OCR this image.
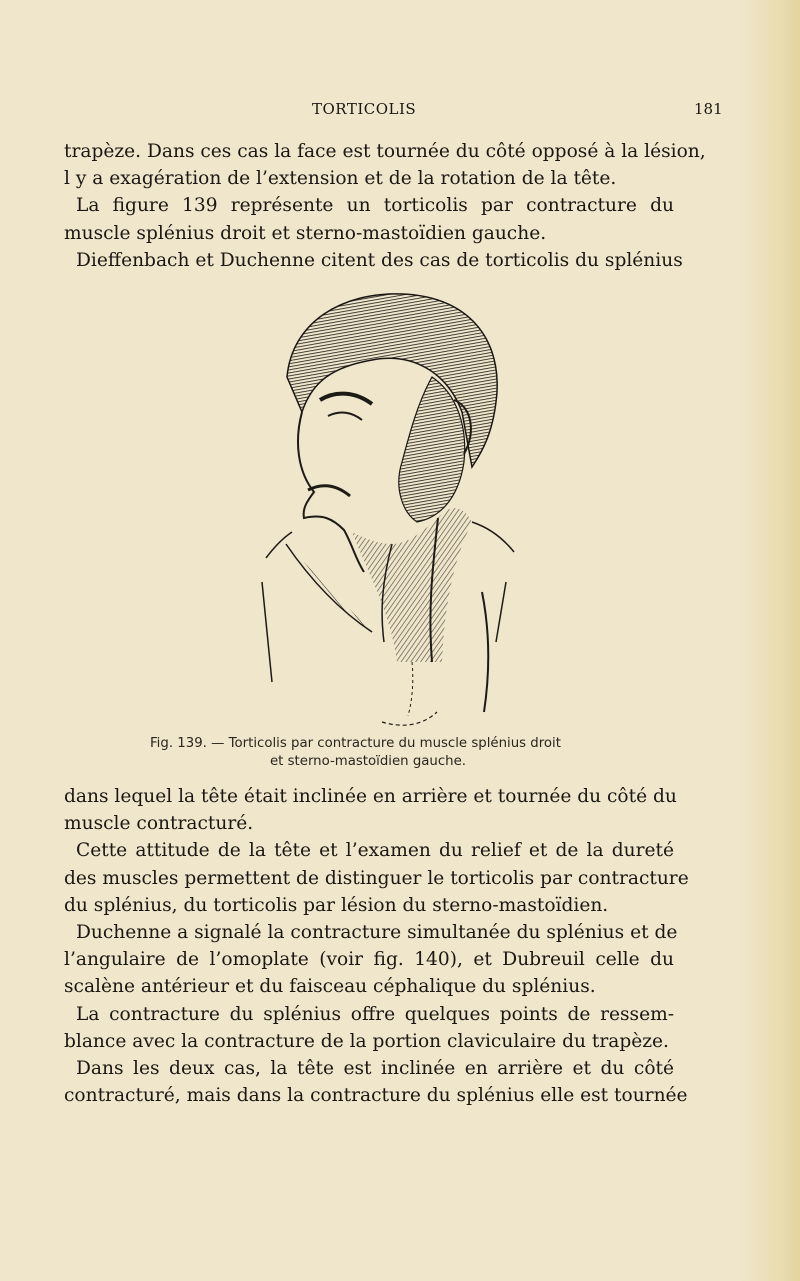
TORTICOLIS	181
trapèze. Dans ces cas la face est tournée du côté opposé à la lésion,
l y a exagération de l’extension et de la rotation de la tête.
La figure 139 représente un torticolis par contracture du
muscle splénius droit et sterno-mastoïdien gauche.
Dieffenbach et Duchenne citent des cas de torticolis du splénius
Fig. 139. — Torticolis par contracture du muscle splénius droit
et sterno-mastoïdien gauche.
dans lequel la tête était inclinée en arrière et tournée du côté du
muscle contracturé.
Cette attitude de la tête et l’examen du relief et de la dureté
des muscles permettent de distinguer le torticolis par contracture
du splénius, du torticolis par lésion du sterno-mastoïdien.
Duchenne a signalé la contracture simultanée du splénius et de
l’angulaire de l’omoplate (voir fig. 140), et Dubreuil celle du
scalène antérieur et du faisceau céphalique du splénius.
La contracture du splénius offre quelques points de ressem-
blance avec la contracture de la portion claviculaire du trapèze.
Dans les deux cas, la tête est inclinée en arrière et du côté
contracturé, mais dans la contracture du splénius elle est tournée
